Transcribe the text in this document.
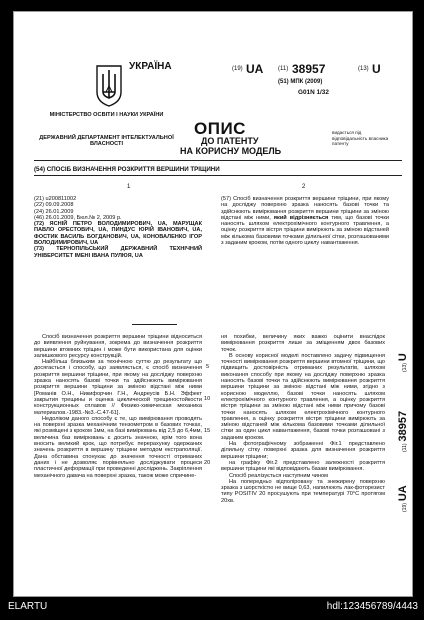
МІНІСТЕРСТВО ОСВІТИ І НАУКИ УКРАЇНИ
ДЕРЖАВНИЙ ДЕПАРТАМЕНТ ІНТЕЛЕКТУАЛЬНОЇ ВЛАСНОСТІ
УКРАЇНА	(19) UA (11) 38957	(13) U
(51) МПК (2009)
G01N 1/32
ОПИС
ДО ПАТЕНТУ
НА КОРИСНУ МОДЕЛЬ
видається під відповідальність власника патенту
(54) СПОСІБ ВИЗНАЧЕННЯ РОЗКРИТТЯ ВЕРШИНИ ТРІЩИНИ
1	2

(21) u200811002

(22) 09.09.2008

(24) 26.01.2009

(46) 26.01.2009, Бюл.№ 2, 2009 р.

(72) ЯСНІЙ ПЕТРО ВОЛОДИМИРОВИЧ, UA, МАРУЩАК ПАВЛО ОРЕСТОВИЧ, UA, ПИНДУС ЮРІЙ ІВАНОВИЧ, UA, ФОСТИК ВАСИЛЬ БОГДАНОВИЧ, UA, КОНОВАЛЕНКО ІГОР ВОЛОДИМИРОВИЧ, UA

(73) ТЕРНОПІЛЬСЬКИЙ ДЕРЖАВНИЙ ТЕХНІЧНИЙ УНІВЕРСИТЕТ ІМЕНІ ІВАНА ПУЛЮЯ, UA

(57) Спосіб визначення розкриття вершини тріщини, при якому на досліджу поверхню зразка наносять базові точки та здійснюють вимірювання розкриття вершини тріщини за зміною відстані між ними, який відрізняється тим, що базові точки наносять шляхом електрохімічного контурного травлення, а оцінку розкриття вістря тріщини вимірюють за зміною відстаней між кількома базовими точками ділильної сітки, розташованими з заданим кроком, потім одного циклу навантаження.

Спосіб визначення розкриття вершини тріщини відноситься до виявлення руйнування, зокрема до визначення розкриття вершини втомних тріщин і може бути використана для оцінки залишкового ресурсу конструкцій.

Найбільш близьким за технічною суттю до результату що досягається і способу, що заявляється, є спосіб визначення розкриття вершини тріщини, при якому на досліджу поверхню зразка наносять базові точки та здійснюють вимірювання розкриття вершини тріщини за зміною відстані між ними [Романів О.Н., Никифорчин Г.Н., Андреусів Б.Н. Эффект закрытия трещины и оценка циклической трещиностойкости конструкционных сплавов // Физико-химическая механика материалов.-1983.-№3.-С.47-61].

Недоліком даного способу є те, що вимірювання проводять на поверхні зразка механічним тензометром в базових точках, які розміщені з кроком 1мм, на базі вимірювань від 2,5 до 6,4мм, величина баз вимірювань є досить значною, крім того вона вносить великий крок, що потребує перерахунку одержаних значень розкриття в вершину тріщини методом екстраполяції. Дана обставина спонукає до значення точності отриманих даних і не дозволяє порівняльно досліджувати процеси пластичної деформації при проведенні досліджень. Закріплення механічного давача на поверхні зразка, також може спричине-

5
10
15
20

ня похибки, величину яких важко оцінити внаслідок вимірювання розкриття лише за зміщенням двох базових точок.

В основу корисної моделі поставлено задачу підвищення точності вимірювання розкриття вершини втомної тріщини, що підвищить достовірність отриманих результатів, шляхом виконання способу при якому на досліджу поверхню зразка наносять базові точки та здійснюють вимірювання розкриття вершини тріщини за зміною відстані між ними, згідно з корисною моделлю, базові точки наносять шляхом електрохімічного контурного травлення, а оцінку розкриття вістря тріщини за зміною відстані між ними причому базові точки наносять шляхом електрохімічного контурного травлення, а оцінку розкриття вістря тріщини вимірюють за зміною відстаней між кількома базовими точками ділильної сітки за один цикл навантаження, базові точки розташовані з заданим кроком.

На фотографічному зображенні Фіг.1 представлено ділильну сітку поверхні зразка для визначення розкриття вершини тріщини;

на графіку Фіг.2 представлено залежності розкриття вершини тріщини які відповідають базам вимірювання.

Спосіб реалізується наступним чином

На попередньо відполіровану та знежирену поверхню зразка з шорсткістю не вище 0,63, напилюють лак-фоторезист типу POSITIV 20 просушують при температурі 70°С протягом 20хв.

(13) U
(11) 38957
(19) UA
ELARTU	hdl:123456789/4443
